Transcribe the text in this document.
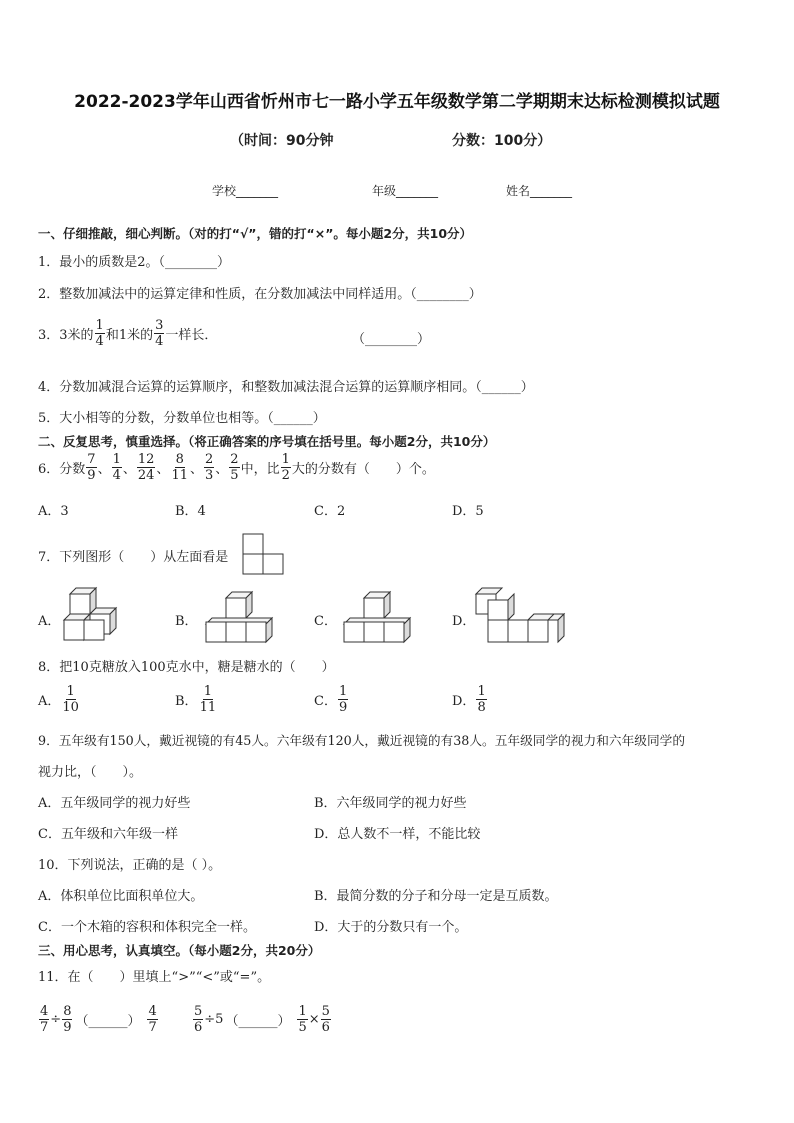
2022-2023学年山西省忻州市七一路小学五年级数学第二学期期末达标检测模拟试题
（时间：90分钟	分数：100分）
学校_______	年级_______	姓名_______
一、仔细推敲，细心判断。（对的打“√”，错的打“×”。每小题2分，共10分）
1．最小的质数是2。（________）
2．整数加减法中的运算定律和性质，在分数加减法中同样适用。（________）
3．3米的 $\frac{1}{4}$ 和1米的 $\frac{3}{4}$ 一样长．	（________）
4．分数加减混合运算的运算顺序，和整数加减法混合运算的运算顺序相同。（______）
5．大小相等的分数，分数单位也相等。（______）
二、反复思考，慎重选择。（将正确答案的序号填在括号里。每小题2分，共10分）
6．分数 $\frac{7}{9}$ 、 $\frac{1}{4}$ 、 $\frac{12}{24}$ 、 $\frac{8}{11}$ 、 $\frac{2}{3}$ 、 $\frac{2}{5}$ 中，比 $\frac{1}{2}$ 大的分数有（　　）个。
A．3	B．4	C．2	D．5
7．下列图形（　　）从左面看是
A．	B．	C．	D．
8．把10克糖放入100克水中，糖是糖水的（　　）
A． $\frac{1}{10}$	B． $\frac{1}{11}$	C． $\frac{1}{9}$	D． $\frac{1}{8}$
9．五年级有150人，戴近视镜的有45人。六年级有120人，戴近视镜的有38人。五年级同学的视力和六年级同学的
视力比，（　　）。
A．五年级同学的视力好些	B．六年级同学的视力好些
C．五年级和六年级一样	D．总人数不一样，不能比较
10．下列说法，正确的是（ ）。
A．体积单位比面积单位大。	B．最简分数的分子和分母一定是互质数。
C．一个木箱的容积和体积完全一样。	D．大于的分数只有一个。
三、用心思考，认真填空。（每小题2分，共20分）
11．在（　　）里填上“>”“<”或“=”。
$\frac{4}{7} \div \frac{8}{9}$ （______） $\frac{4}{7}$	$\frac{5}{6} \div 5$ （______） $\frac{1}{5} \times \frac{5}{6}$
